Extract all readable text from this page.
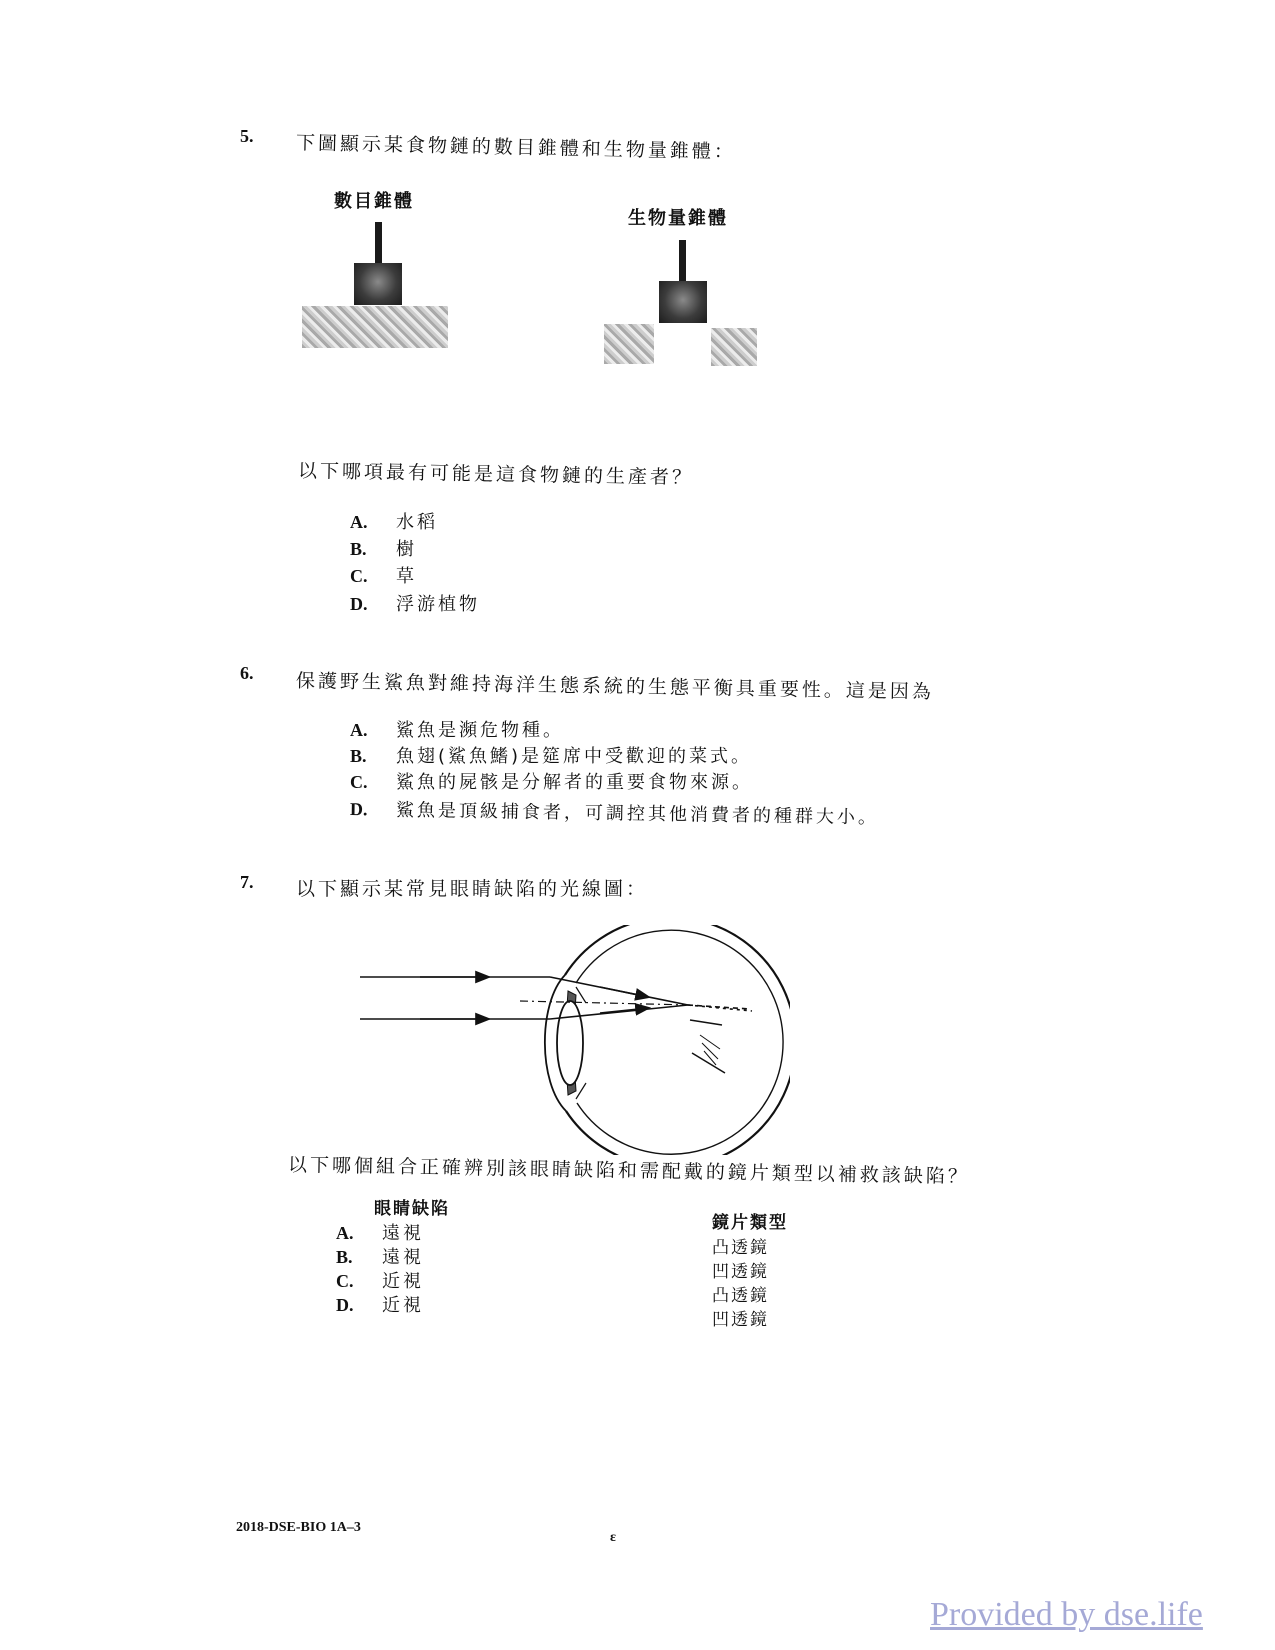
5. 下圖顯示某食物鏈的數目錐體和生物量錐體：
數目錐體
生物量錐體
以下哪項最有可能是這食物鏈的生產者？
A. 水稻
B. 樹
C. 草
D. 浮游植物
6. 保護野生鯊魚對維持海洋生態系統的生態平衡具重要性。這是因為
A. 鯊魚是瀕危物種。
B. 魚翅(鯊魚鰭)是筵席中受歡迎的菜式。
C. 鯊魚的屍骸是分解者的重要食物來源。
D. 鯊魚是頂級捕食者，可調控其他消費者的種群大小。
7. 以下顯示某常見眼睛缺陷的光線圖：
以下哪個組合正確辨別該眼睛缺陷和需配戴的鏡片類型以補救該缺陷？
眼睛缺陷
鏡片類型
A. 遠視
凸透鏡
B. 遠視
凹透鏡
C. 近視
凸透鏡
D. 近視
凹透鏡
2018-DSE-BIO 1A–3
ε
Provided by dse.life
